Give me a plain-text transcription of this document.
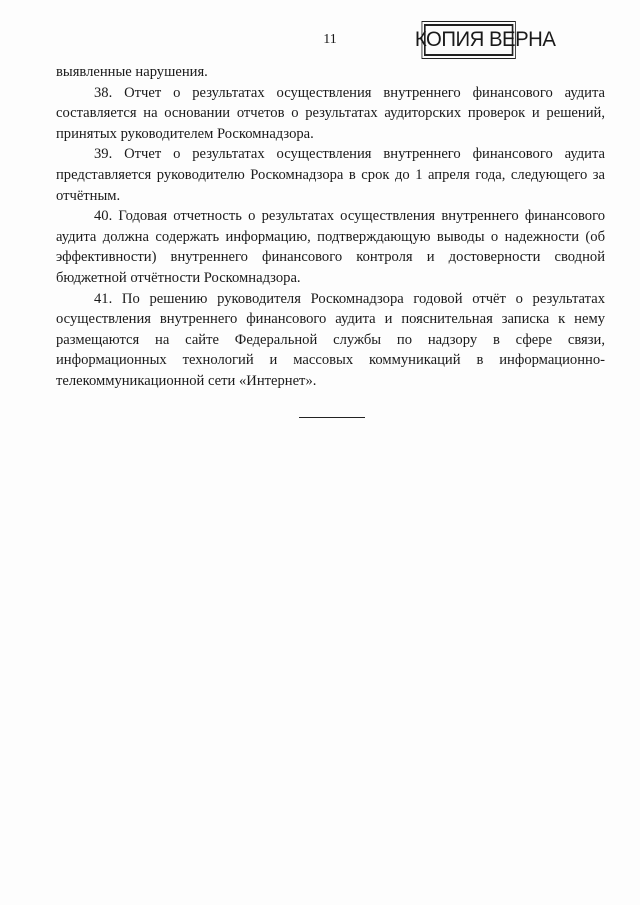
11	КОПИЯ ВЕРНА

выявленные нарушения.

38. Отчет о результатах осуществления внутреннего финансового аудита составляется на основании отчетов о результатах аудиторских проверок и решений, принятых руководителем Роскомнадзора.

39. Отчет о результатах осуществления внутреннего финансового аудита представляется руководителю Роскомнадзора в срок до 1 апреля года, следующего за отчётным.

40. Годовая отчетность о результатах осуществления внутреннего финансового аудита должна содержать информацию, подтверждающую выводы о надежности (об эффективности) внутреннего финансового контроля и достоверности сводной бюджетной отчётности Роскомнадзора.

41. По решению руководителя Роскомнадзора годовой отчёт о результатах осуществления внутреннего финансового аудита и пояснительная записка к нему размещаются на сайте Федеральной службы по надзору в сфере связи, информационных технологий и массовых коммуникаций в информационно-телекоммуникационной сети «Интернет».
